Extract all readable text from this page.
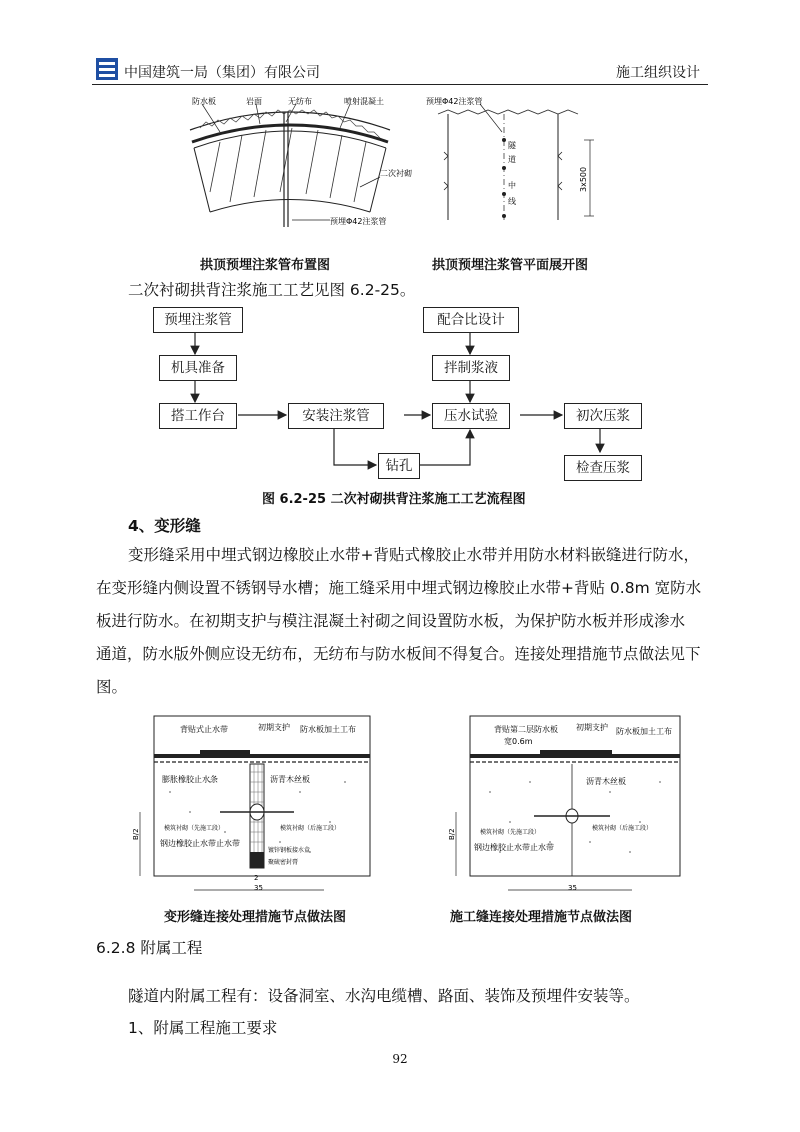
中国建筑一局（集团）有限公司	施工组织设计
防水板	岩面	无纺布	喷射混凝土
二次衬砌
预埋Φ42注浆管
预埋Φ42注浆管
隧
道
中
线
3x500
拱顶预埋注浆管布置图	拱顶预埋注浆管平面展开图
二次衬砌拱背注浆施工工艺见图 6.2-25。
预埋注浆管
机具准备
搭工作台	安装注浆管
钻孔
配合比设计
拌制浆液
压水试验	初次压浆
检查压浆
图 6.2-25 二次衬砌拱背注浆施工工艺流程图
4、变形缝
变形缝采用中埋式钢边橡胶止水带+背贴式橡胶止水带并用防水材料嵌缝进行防水，
在变形缝内侧设置不锈钢导水槽；施工缝采用中埋式钢边橡胶止水带+背贴 0.8m 宽防水
板进行防水。在初期支护与模注混凝土衬砌之间设置防水板，为保护防水板并形成渗水
通道，防水版外侧应设无纺布，无纺布与防水板间不得复合。连接处理措施节点做法见下
图。
背贴式止水带	初期支护 防水板加土工布
膨胀橡胶止水条	沥青木丝板
模筑衬砌（先施工段）	模筑衬砌（后施工段）
钢边橡胶止水带止水带
镀锌钢板接水盒
聚硫密封膏
B/2
2
35
背贴第二层防水板
宽0.6m
初期支护 防水板加土工布
沥青木丝板
模筑衬砌（先施工段）
模筑衬砌（后施工段）
钢边橡胶止水带止水带
B/2
35
变形缝连接处理措施节点做法图	施工缝连接处理措施节点做法图
6.2.8 附属工程
隧道内附属工程有：设备洞室、水沟电缆槽、路面、装饰及预埋件安装等。
1、附属工程施工要求
92
